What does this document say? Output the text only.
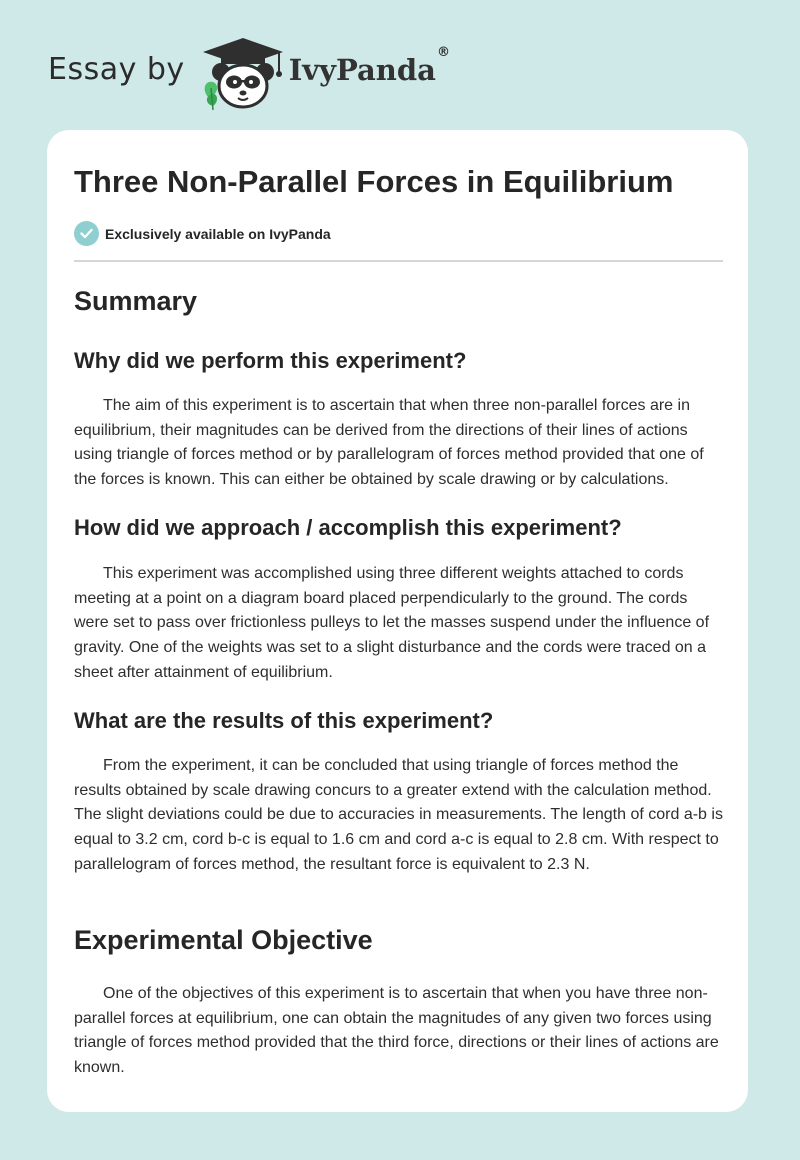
Essay by	IvyPanda®
Three Non-Parallel Forces in Equilibrium
Exclusively available on IvyPanda
Summary
Why did we perform this experiment?

The aim of this experiment is to ascertain that when three non-parallel forces are in equilibrium, their magnitudes can be derived from the directions of their lines of actions using triangle of forces method or by parallelogram of forces method provided that one of the forces is known. This can either be obtained by scale drawing or by calculations.

How did we approach / accomplish this experiment?

This experiment was accomplished using three different weights attached to cords meeting at a point on a diagram board placed perpendicularly to the ground. The cords were set to pass over frictionless pulleys to let the masses suspend under the influence of gravity. One of the weights was set to a slight disturbance and the cords were traced on a sheet after attainment of equilibrium.

What are the results of this experiment?

From the experiment, it can be concluded that using triangle of forces method the results obtained by scale drawing concurs to a greater extend with the calculation method. The slight deviations could be due to accuracies in measurements. The length of cord a-b is equal to 3.2 cm, cord b-c is equal to 1.6 cm and cord a-c is equal to 2.8 cm. With respect to parallelogram of forces method, the resultant force is equivalent to 2.3 N.

Experimental Objective

One of the objectives of this experiment is to ascertain that when you have three non-parallel forces at equilibrium, one can obtain the magnitudes of any given two forces using triangle of forces method provided that the third force, directions or their lines of actions are known.
